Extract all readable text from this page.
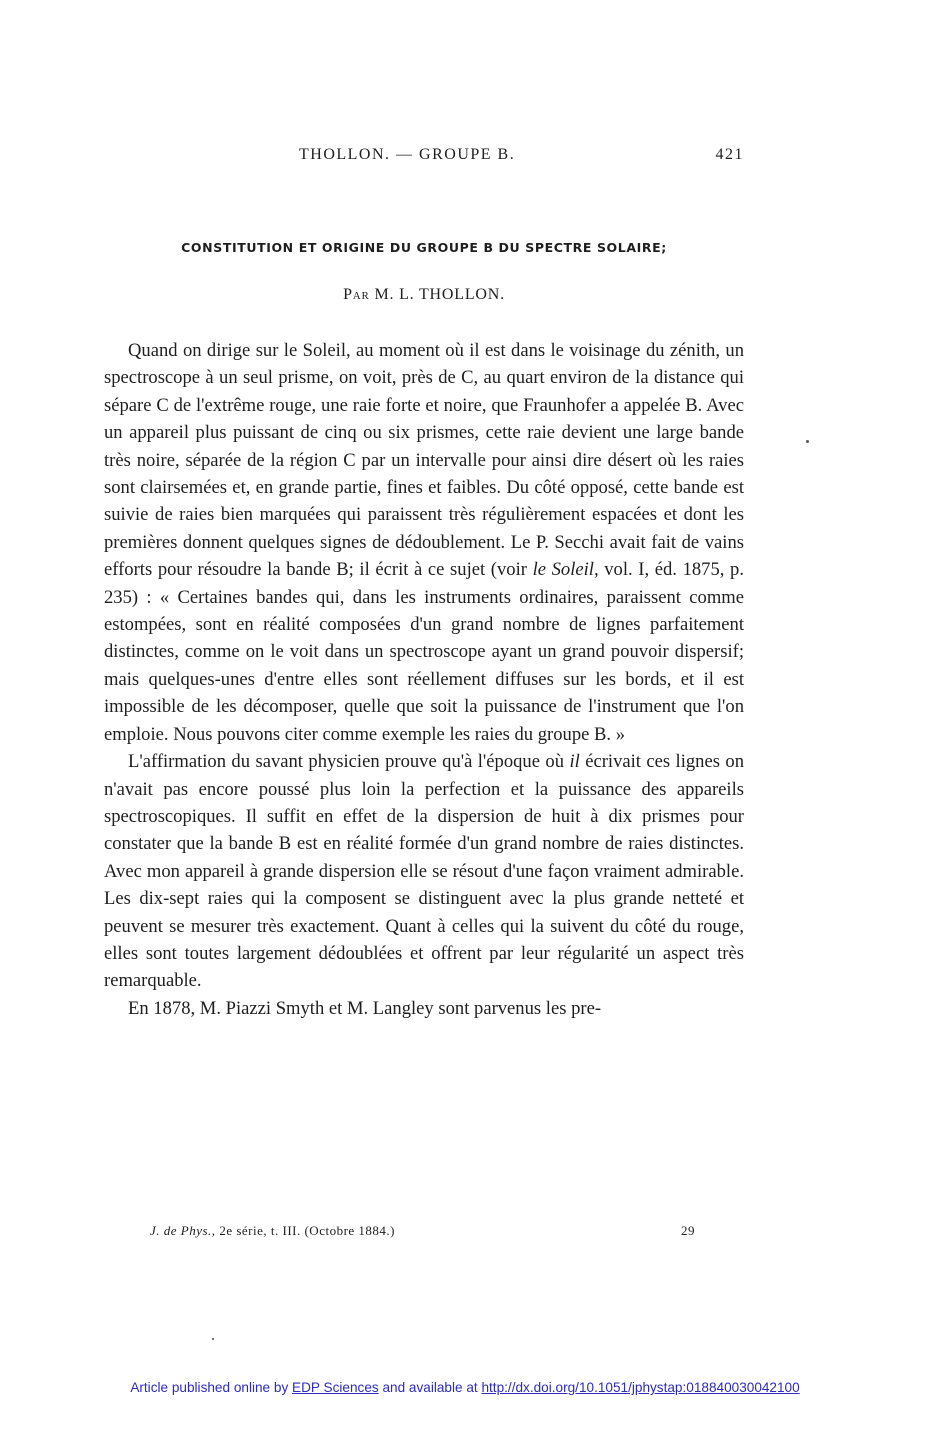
THOLLON. — GROUPE B.	421
CONSTITUTION ET ORIGINE DU GROUPE B DU SPECTRE SOLAIRE;
Par M. L. THOLLON.

Quand on dirige sur le Soleil, au moment où il est dans le voisinage du zénith, un spectroscope à un seul prisme, on voit, près de C, au quart environ de la distance qui sépare C de l'extrême rouge, une raie forte et noire, que Fraunhofer a appelée B. Avec un appareil plus puissant de cinq ou six prismes, cette raie devient une large bande très noire, séparée de la région C par un intervalle pour ainsi dire désert où les raies sont clairsemées et, en grande partie, fines et faibles. Du côté opposé, cette bande est suivie de raies bien marquées qui paraissent très régulièrement espacées et dont les premières donnent quelques signes de dédoublement. Le P. Secchi avait fait de vains efforts pour résoudre la bande B; il écrit à ce sujet (voir le Soleil, vol. I, éd. 1875, p. 235) : « Certaines bandes qui, dans les instruments ordinaires, paraissent comme estompées, sont en réalité composées d'un grand nombre de lignes parfaitement distinctes, comme on le voit dans un spectroscope ayant un grand pouvoir dispersif; mais quelques-unes d'entre elles sont réellement diffuses sur les bords, et il est impossible de les décomposer, quelle que soit la puissance de l'instrument que l'on emploie. Nous pouvons citer comme exemple les raies du groupe B. »

L'affirmation du savant physicien prouve qu'à l'époque où il écrivait ces lignes on n'avait pas encore poussé plus loin la perfection et la puissance des appareils spectroscopiques. Il suffit en effet de la dispersion de huit à dix prismes pour constater que la bande B est en réalité formée d'un grand nombre de raies distinctes. Avec mon appareil à grande dispersion elle se résout d'une façon vraiment admirable. Les dix-sept raies qui la composent se distinguent avec la plus grande netteté et peuvent se mesurer très exactement. Quant à celles qui la suivent du côté du rouge, elles sont toutes largement dédoublées et offrent par leur régularité un aspect très remarquable.

En 1878, M. Piazzi Smyth et M. Langley sont parvenus les pre-

J. de Phys., 2e série, t. III. (Octobre 1884.)	29
Article published online by EDP Sciences and available at http://dx.doi.org/10.1051/jphystap:018840030042100
